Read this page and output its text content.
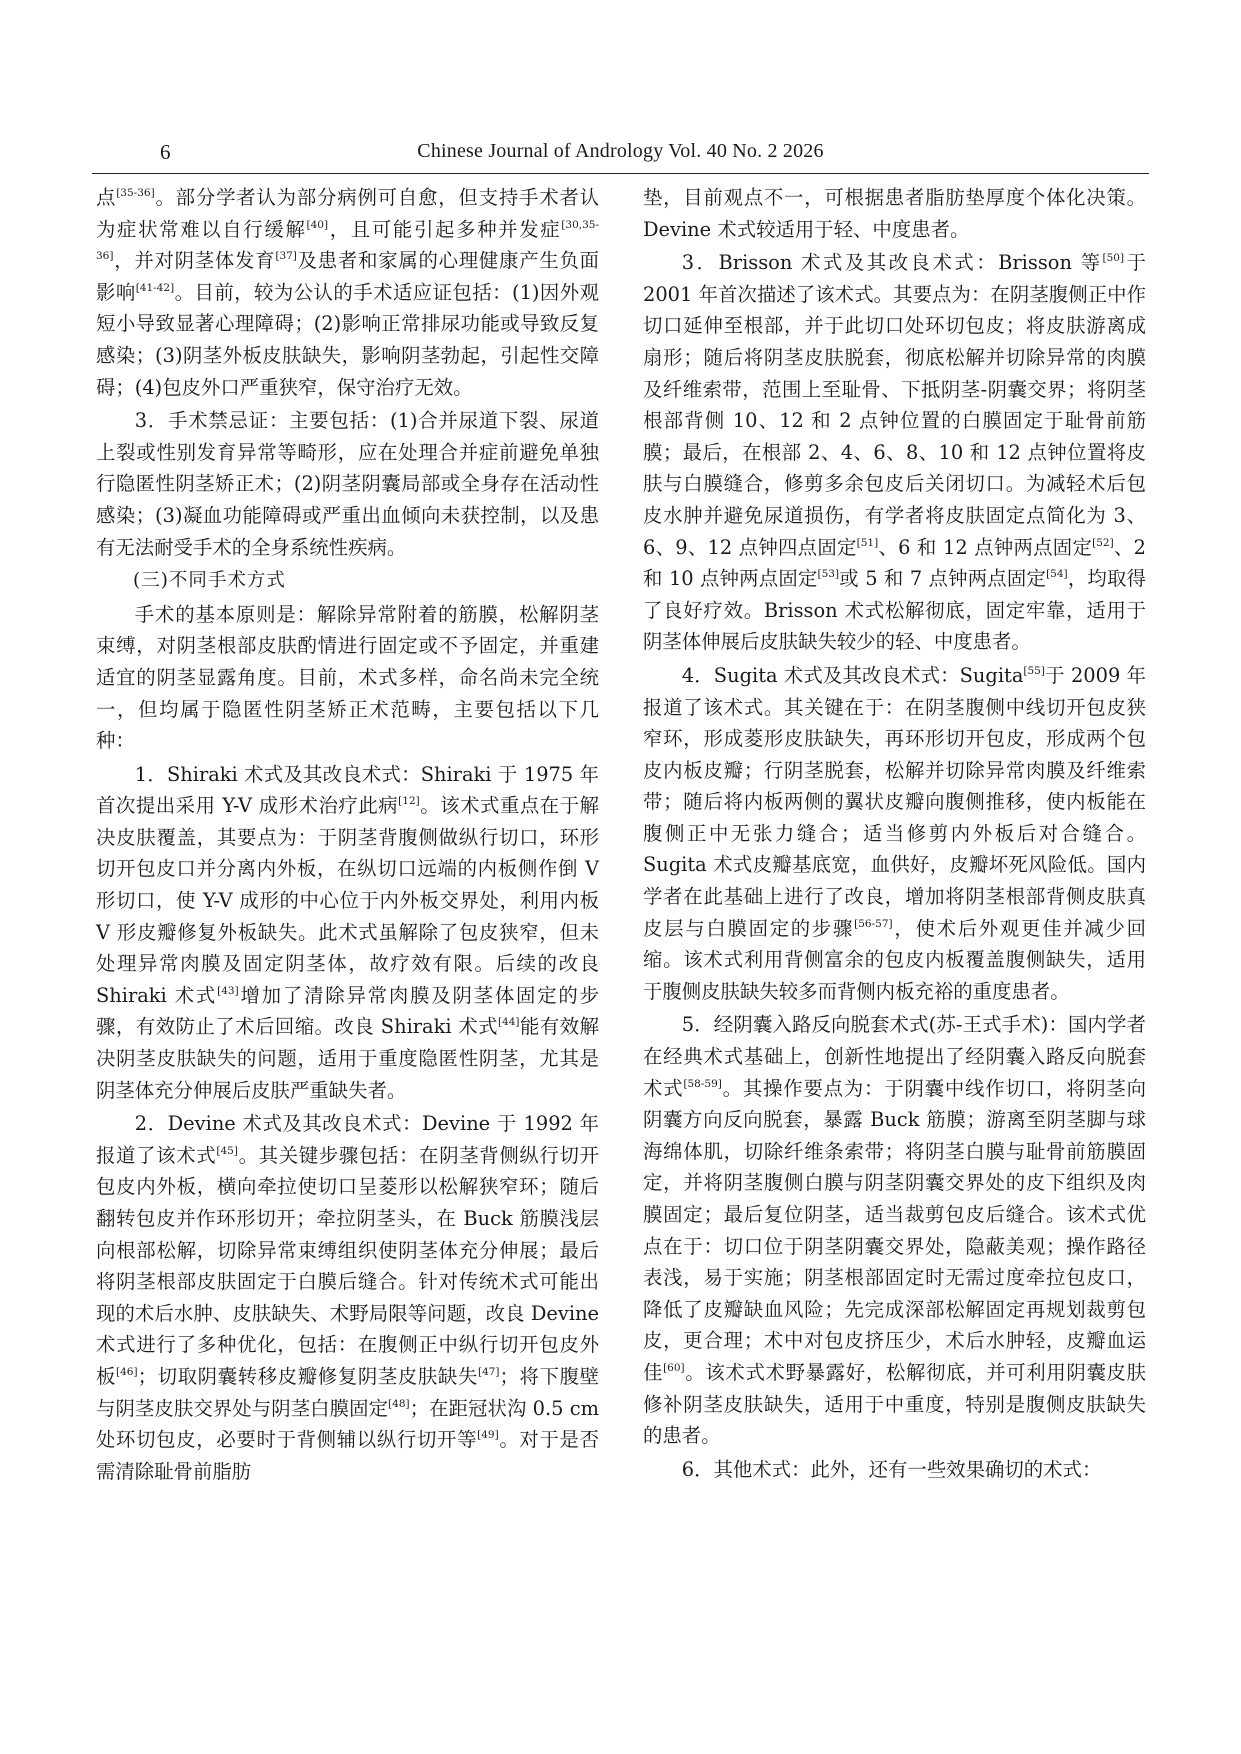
6	Chinese Journal of Andrology Vol. 40 No. 2 2026

点[35-36]。部分学者认为部分病例可自愈，但支持手术者认为症状常难以自行缓解[40]，且可能引起多种并发症[30,35-36]，并对阴茎体发育[37]及患者和家属的心理健康产生负面影响[41-42]。目前，较为公认的手术适应证包括：(1)因外观短小导致显著心理障碍；(2)影响正常排尿功能或导致反复感染；(3)阴茎外板皮肤缺失，影响阴茎勃起，引起性交障碍；(4)包皮外口严重狭窄，保守治疗无效。

3．手术禁忌证：主要包括：(1)合并尿道下裂、尿道上裂或性别发育异常等畸形，应在处理合并症前避免单独行隐匿性阴茎矫正术；(2)阴茎阴囊局部或全身存在活动性感染；(3)凝血功能障碍或严重出血倾向未获控制，以及患有无法耐受手术的全身系统性疾病。

(三)不同手术方式

手术的基本原则是：解除异常附着的筋膜，松解阴茎束缚，对阴茎根部皮肤酌情进行固定或不予固定，并重建适宜的阴茎显露角度。目前，术式多样，命名尚未完全统一，但均属于隐匿性阴茎矫正术范畴，主要包括以下几种：

1．Shiraki 术式及其改良术式：Shiraki 于 1975 年首次提出采用 Y-V 成形术治疗此病[12]。该术式重点在于解决皮肤覆盖，其要点为：于阴茎背腹侧做纵行切口，环形切开包皮口并分离内外板，在纵切口远端的内板侧作倒 V 形切口，使 Y-V 成形的中心位于内外板交界处，利用内板 V 形皮瓣修复外板缺失。此术式虽解除了包皮狭窄，但未处理异常肉膜及固定阴茎体，故疗效有限。后续的改良 Shiraki 术式[43]增加了清除异常肉膜及阴茎体固定的步骤，有效防止了术后回缩。改良 Shiraki 术式[44]能有效解决阴茎皮肤缺失的问题，适用于重度隐匿性阴茎，尤其是阴茎体充分伸展后皮肤严重缺失者。

2．Devine 术式及其改良术式：Devine 于 1992 年报道了该术式[45]。其关键步骤包括：在阴茎背侧纵行切开包皮内外板，横向牵拉使切口呈菱形以松解狭窄环；随后翻转包皮并作环形切开；牵拉阴茎头，在 Buck 筋膜浅层向根部松解，切除异常束缚组织使阴茎体充分伸展；最后将阴茎根部皮肤固定于白膜后缝合。针对传统术式可能出现的术后水肿、皮肤缺失、术野局限等问题，改良 Devine 术式进行了多种优化，包括：在腹侧正中纵行切开包皮外板[46]；切取阴囊转移皮瓣修复阴茎皮肤缺失[47]；将下腹壁与阴茎皮肤交界处与阴茎白膜固定[48]；在距冠状沟 0.5 cm 处环切包皮，必要时于背侧辅以纵行切开等[49]。对于是否需清除耻骨前脂肪

垫，目前观点不一，可根据患者脂肪垫厚度个体化决策。Devine 术式较适用于轻、中度患者。

3．Brisson 术式及其改良术式：Brisson 等[50]于 2001 年首次描述了该术式。其要点为：在阴茎腹侧正中作切口延伸至根部，并于此切口处环切包皮；将皮肤游离成扇形；随后将阴茎皮肤脱套，彻底松解并切除异常的肉膜及纤维索带，范围上至耻骨、下抵阴茎-阴囊交界；将阴茎根部背侧 10、12 和 2 点钟位置的白膜固定于耻骨前筋膜；最后，在根部 2、4、6、8、10 和 12 点钟位置将皮肤与白膜缝合，修剪多余包皮后关闭切口。为减轻术后包皮水肿并避免尿道损伤，有学者将皮肤固定点简化为 3、6、9、12 点钟四点固定[51]、6 和 12 点钟两点固定[52]、2 和 10 点钟两点固定[53]或 5 和 7 点钟两点固定[54]，均取得了良好疗效。Brisson 术式松解彻底，固定牢靠，适用于阴茎体伸展后皮肤缺失较少的轻、中度患者。

4．Sugita 术式及其改良术式：Sugita[55]于 2009 年报道了该术式。其关键在于：在阴茎腹侧中线切开包皮狭窄环，形成菱形皮肤缺失，再环形切开包皮，形成两个包皮内板皮瓣；行阴茎脱套，松解并切除异常肉膜及纤维索带；随后将内板两侧的翼状皮瓣向腹侧推移，使内板能在腹侧正中无张力缝合；适当修剪内外板后对合缝合。Sugita 术式皮瓣基底宽，血供好，皮瓣坏死风险低。国内学者在此基础上进行了改良，增加将阴茎根部背侧皮肤真皮层与白膜固定的步骤[56-57]，使术后外观更佳并减少回缩。该术式利用背侧富余的包皮内板覆盖腹侧缺失，适用于腹侧皮肤缺失较多而背侧内板充裕的重度患者。

5．经阴囊入路反向脱套术式(苏-王式手术)：国内学者在经典术式基础上，创新性地提出了经阴囊入路反向脱套术式[58-59]。其操作要点为：于阴囊中线作切口，将阴茎向阴囊方向反向脱套，暴露 Buck 筋膜；游离至阴茎脚与球海绵体肌，切除纤维条索带；将阴茎白膜与耻骨前筋膜固定，并将阴茎腹侧白膜与阴茎阴囊交界处的皮下组织及肉膜固定；最后复位阴茎，适当裁剪包皮后缝合。该术式优点在于：切口位于阴茎阴囊交界处，隐蔽美观；操作路径表浅，易于实施；阴茎根部固定时无需过度牵拉包皮口，降低了皮瓣缺血风险；先完成深部松解固定再规划裁剪包皮，更合理；术中对包皮挤压少，术后水肿轻，皮瓣血运佳[60]。该术式术野暴露好，松解彻底，并可利用阴囊皮肤修补阴茎皮肤缺失，适用于中重度，特别是腹侧皮肤缺失的患者。

6．其他术式：此外，还有一些效果确切的术式：
